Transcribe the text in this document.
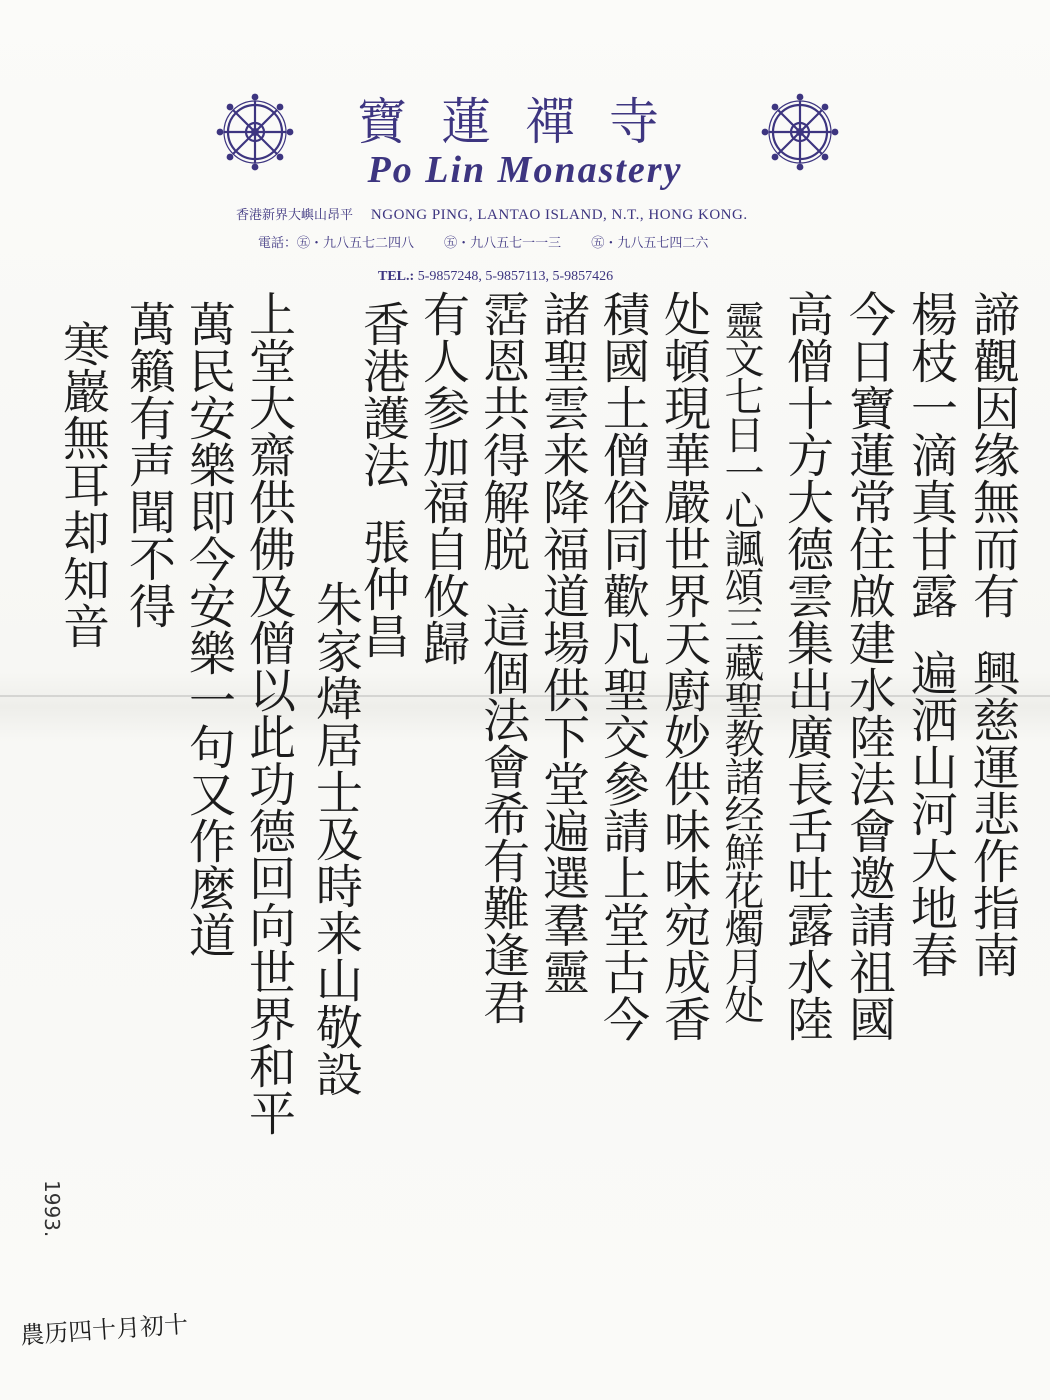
寶蓮禪寺
Po Lin Monastery
香港新界大嶼山昂平 NGONG PING, LANTAO ISLAND, N.T., HONG KONG.
電話：㊄・九八五七二四八 ㊄・九八五七一一三 ㊄・九八五七四二六
TEL.: 5-9857248, 5-9857113, 5-9857426
諦觀因缘無而有興慈運悲作指南
楊枝一滴真甘露遍洒山河大地春
今日寶蓮常住啟建水陸法會邀請祖國
高僧十方大德雲集出廣長舌吐露水陸
靈文七日一心諷頌三藏聖教諸经鮮花燭月处
处頓現華嚴世界天廚妙供味味宛成香
積國土僧俗同歡凡聖交參請上堂古今
諸聖雲来降福道場供下堂遍選羣靈
霑恩共得解脱這個法會希有難逢君
有人参加福自攸歸
香港護法張仲昌
朱家煒居士及時来山敬設
上堂大齋供佛及僧以此功德回向世界和平
萬民安樂即今安樂一句又作麼道
萬籟有声聞不得
寒巖無耳却知音
1993.
農历四十月初十
